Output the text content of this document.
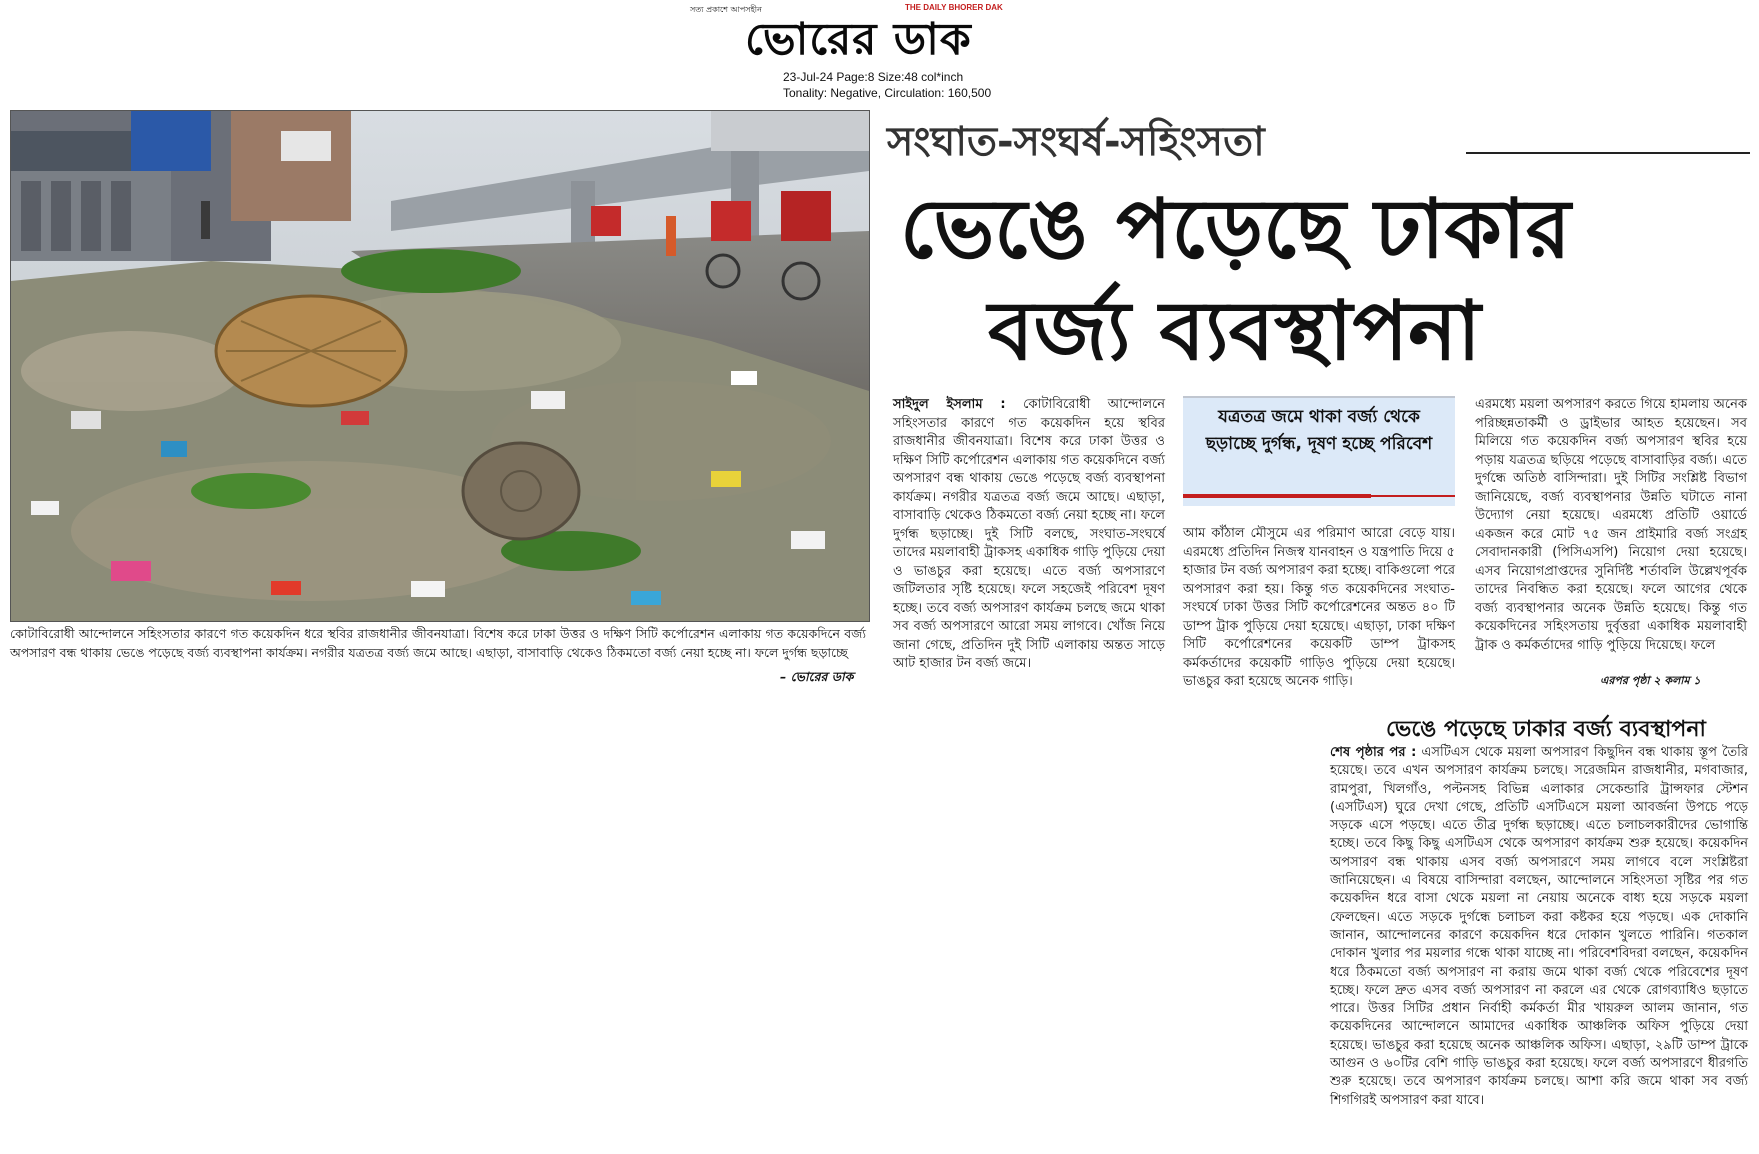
সত্য প্রকাশে আপসহীন	THE DAILY BHORER DAK
ভোরের ডাক
23-Jul-24 Page:8 Size:48 col*inch
Tonality: Negative, Circulation: 160,500
কোটাবিরোধী আন্দোলনে সহিংসতার কারণে গত কয়েকদিন ধরে স্থবির রাজধানীর জীবনযাত্রা। বিশেষ করে ঢাকা উত্তর ও দক্ষিণ সিটি কর্পোরেশন এলাকায় গত কয়েকদিনে বর্জ্য অপসারণ বন্ধ থাকায় ভেঙে পড়েছে বর্জ্য ব্যবস্থাপনা কার্যক্রম। নগরীর যত্রতত্র বর্জ্য জমে আছে। এছাড়া, বাসাবাড়ি থেকেও ঠিকমতো বর্জ্য নেয়া হচ্ছে না। ফলে দুর্গন্ধ ছড়াচ্ছে
– ভোরের ডাক
সংঘাত-সংঘর্ষ-সহিংসতা
ভেঙে পড়েছে ঢাকার
বর্জ্য ব্যবস্থাপনা
সাইদুল ইসলাম : কোটাবিরোধী আন্দোলনে সহিংসতার কারণে গত কয়েকদিন হয়ে স্থবির রাজধানীর জীবনযাত্রা। বিশেষ করে ঢাকা উত্তর ও দক্ষিণ সিটি কর্পোরেশন এলাকায় গত কয়েকদিনে বর্জ্য অপসারণ বন্ধ থাকায় ভেঙে পড়েছে বর্জ্য ব্যবস্থাপনা কার্যক্রম। নগরীর যত্রতত্র বর্জ্য জমে আছে। এছাড়া, বাসাবাড়ি থেকেও ঠিকমতো বর্জ্য নেয়া হচ্ছে না। ফলে দুর্গন্ধ ছড়াচ্ছে। দুই সিটি বলছে, সংঘাত-সংঘর্ষে তাদের ময়লাবাহী ট্রাকসহ একাধিক গাড়ি পুড়িয়ে দেয়া ও ভাঙচুর করা হয়েছে। এতে বর্জ্য অপসারণে জটিলতার সৃষ্টি হয়েছে। ফলে সহজেই পরিবেশ দূষণ হচ্ছে। তবে বর্জ্য অপসারণ কার্যক্রম চলছে জমে থাকা সব বর্জ্য অপসারণে আরো সময় লাগবে। খোঁজ নিয়ে জানা গেছে, প্রতিদিন দুই সিটি এলাকায় অন্তত সাড়ে আট হাজার টন বর্জ্য জমে।
যত্রতত্র জমে থাকা বর্জ্য থেকে ছড়াচ্ছে দুর্গন্ধ, দূষণ হচ্ছে পরিবেশ
আম কাঁঠাল মৌসুমে এর পরিমাণ আরো বেড়ে যায়। এরমধ্যে প্রতিদিন নিজস্ব যানবাহন ও যন্ত্রপাতি দিয়ে ৫ হাজার টন বর্জ্য অপসারণ করা হচ্ছে। বাকিগুলো পরে অপসারণ করা হয়। কিন্তু গত কয়েকদিনের সংঘাত-সংঘর্ষে ঢাকা উত্তর সিটি কর্পোরেশনের অন্তত ৪০ টি ডাম্প ট্রাক পুড়িয়ে দেয়া হয়েছে। এছাড়া, ঢাকা দক্ষিণ সিটি কর্পোরেশনের কয়েকটি ডাম্প ট্রাকসহ কর্মকর্তাদের কয়েকটি গাড়িও পুড়িয়ে দেয়া হয়েছে। ভাঙচুর করা হয়েছে অনেক গাড়ি।
এরমধ্যে ময়লা অপসারণ করতে গিয়ে হামলায় অনেক পরিচ্ছন্নতাকর্মী ও ড্রাইভার আহত হয়েছেন। সব মিলিয়ে গত কয়েকদিন বর্জ্য অপসারণ স্থবির হয়ে পড়ায় যত্রতত্র ছড়িয়ে পড়েছে বাসাবাড়ির বর্জ্য। এতে দুর্গন্ধে অতিষ্ঠ বাসিন্দারা। দুই সিটির সংশ্লিষ্ট বিভাগ জানিয়েছে, বর্জ্য ব্যবস্থাপনার উন্নতি ঘটাতে নানা উদ্যোগ নেয়া হয়েছে। এরমধ্যে প্রতিটি ওয়ার্ডে একজন করে মোট ৭৫ জন প্রাইমারি বর্জ্য সংগ্রহ সেবাদানকারী (পিসিএসপি) নিয়োগ দেয়া হয়েছে। এসব নিয়োগপ্রাপ্তদের সুনির্দিষ্ট শর্তাবলি উল্লেখপূর্বক তাদের নিবন্ধিত করা হয়েছে। ফলে আগের থেকে বর্জ্য ব্যবস্থাপনার অনেক উন্নতি হয়েছে। কিন্তু গত কয়েকদিনের সহিংসতায় দুর্বৃত্তরা একাধিক ময়লাবাহী ট্রাক ও কর্মকর্তাদের গাড়ি পুড়িয়ে দিয়েছে। ফলে
এরপর পৃষ্ঠা ২ কলাম ১
ভেঙে পড়েছে ঢাকার বর্জ্য ব্যবস্থাপনা
শেষ পৃষ্ঠার পর : এসটিএস থেকে ময়লা অপসারণ কিছুদিন বন্ধ থাকায় স্তূপ তৈরি হয়েছে। তবে এখন অপসারণ কার্যক্রম চলছে। সরেজমিন রাজধানীর, মগবাজার, রামপুরা, খিলগাঁও, পল্টনসহ বিভিন্ন এলাকার সেকেন্ডারি ট্রান্সফার স্টেশন (এসটিএস) ঘুরে দেখা গেছে, প্রতিটি এসটিএসে ময়লা আবর্জনা উপচে পড়ে সড়কে এসে পড়ছে। এতে তীব্র দুর্গন্ধ ছড়াচ্ছে। এতে চলাচলকারীদের ভোগান্তি হচ্ছে। তবে কিছু কিছু এসটিএস থেকে অপসারণ কার্যক্রম শুরু হয়েছে। কয়েকদিন অপসারণ বন্ধ থাকায় এসব বর্জ্য অপসারণে সময় লাগবে বলে সংশ্লিষ্টরা জানিয়েছেন। এ বিষয়ে বাসিন্দারা বলছেন, আন্দোলনে সহিংসতা সৃষ্টির পর গত কয়েকদিন ধরে বাসা থেকে ময়লা না নেয়ায় অনেকে বাধ্য হয়ে সড়কে ময়লা ফেলছেন। এতে সড়কে দুর্গন্ধে চলাচল করা কষ্টকর হয়ে পড়ছে। এক দোকানি জানান, আন্দোলনের কারণে কয়েকদিন ধরে দোকান খুলতে পারিনি। গতকাল দোকান খুলার পর ময়লার গন্ধে থাকা যাচ্ছে না। পরিবেশবিদরা বলছেন, কয়েকদিন ধরে ঠিকমতো বর্জ্য অপসারণ না করায় জমে থাকা বর্জ্য থেকে পরিবেশের দূষণ হচ্ছে। ফলে দ্রুত এসব বর্জ্য অপসারণ না করলে এর থেকে রোগব্যাধিও ছড়াতে পারে। উত্তর সিটির প্রধান নির্বাহী কর্মকর্তা মীর খায়রুল আলম জানান, গত কয়েকদিনের আন্দোলনে আমাদের একাধিক আঞ্চলিক অফিস পুড়িয়ে দেয়া হয়েছে। ভাঙচুর করা হয়েছে অনেক আঞ্চলিক অফিস। এছাড়া, ২৯টি ডাম্প ট্রাকে আগুন ও ৬০টির বেশি গাড়ি ভাঙচুর করা হয়েছে। ফলে বর্জ্য অপসারণে ধীরগতি শুরু হয়েছে। তবে অপসারণ কার্যক্রম চলছে। আশা করি জমে থাকা সব বর্জ্য শিগগিরই অপসারণ করা যাবে।
